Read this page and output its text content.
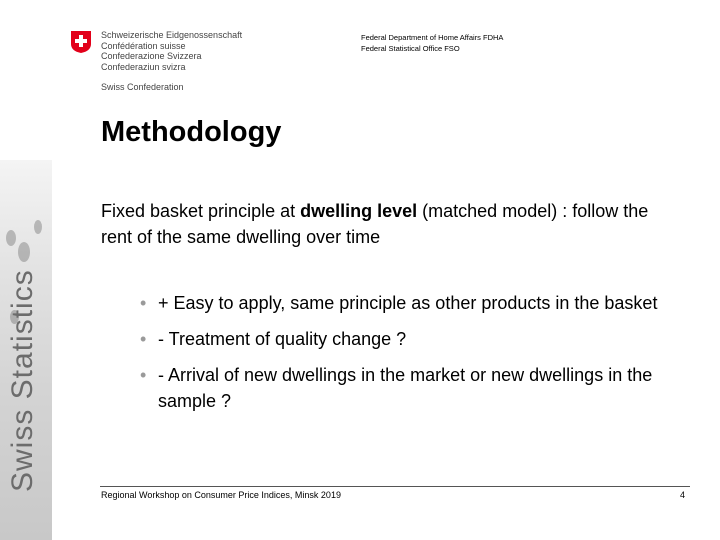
Swiss Statistics
Schweizerische Eidgenossenschaft
Confédération suisse
Confederazione Svizzera
Confederaziun svizra
Swiss Confederation
Federal Department of Home Affairs FDHA
Federal Statistical Office FSO
Methodology
Fixed basket principle at dwelling level (matched model) : follow the rent of the same dwelling over time
• + Easy to apply, same principle as other products in the basket
• - Treatment of quality change ?
• - Arrival of new dwellings in the market or new dwellings in the sample ?
Regional Workshop on Consumer Price Indices, Minsk 2019	4
